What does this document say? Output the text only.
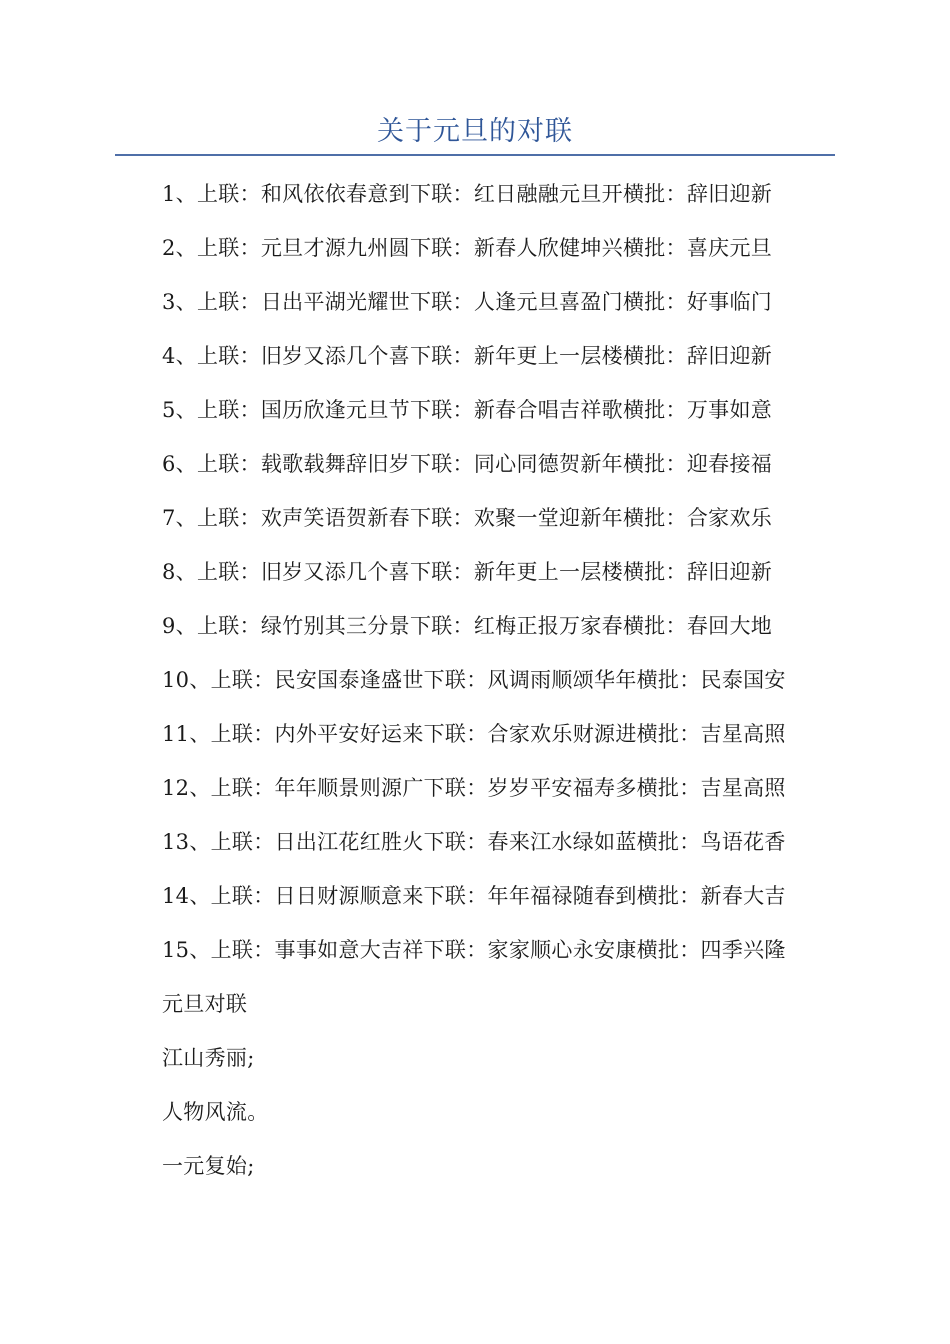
关于元旦的对联
1、上联：和风依依春意到下联：红日融融元旦开横批：辞旧迎新
2、上联：元旦才源九州圆下联：新春人欣健坤兴横批：喜庆元旦
3、上联：日出平湖光耀世下联：人逢元旦喜盈门横批：好事临门
4、上联：旧岁又添几个喜下联：新年更上一层楼横批：辞旧迎新
5、上联：国历欣逢元旦节下联：新春合唱吉祥歌横批：万事如意
6、上联：载歌载舞辞旧岁下联：同心同德贺新年横批：迎春接福
7、上联：欢声笑语贺新春下联：欢聚一堂迎新年横批：合家欢乐
8、上联：旧岁又添几个喜下联：新年更上一层楼横批：辞旧迎新
9、上联：绿竹别其三分景下联：红梅正报万家春横批：春回大地
10、上联：民安国泰逢盛世下联：风调雨顺颂华年横批：民泰国安
11、上联：内外平安好运来下联：合家欢乐财源进横批：吉星高照
12、上联：年年顺景则源广下联：岁岁平安福寿多横批：吉星高照
13、上联：日出江花红胜火下联：春来江水绿如蓝横批：鸟语花香
14、上联：日日财源顺意来下联：年年福禄随春到横批：新春大吉
15、上联：事事如意大吉祥下联：家家顺心永安康横批：四季兴隆
元旦对联
江山秀丽;
人物风流。
一元复始;
